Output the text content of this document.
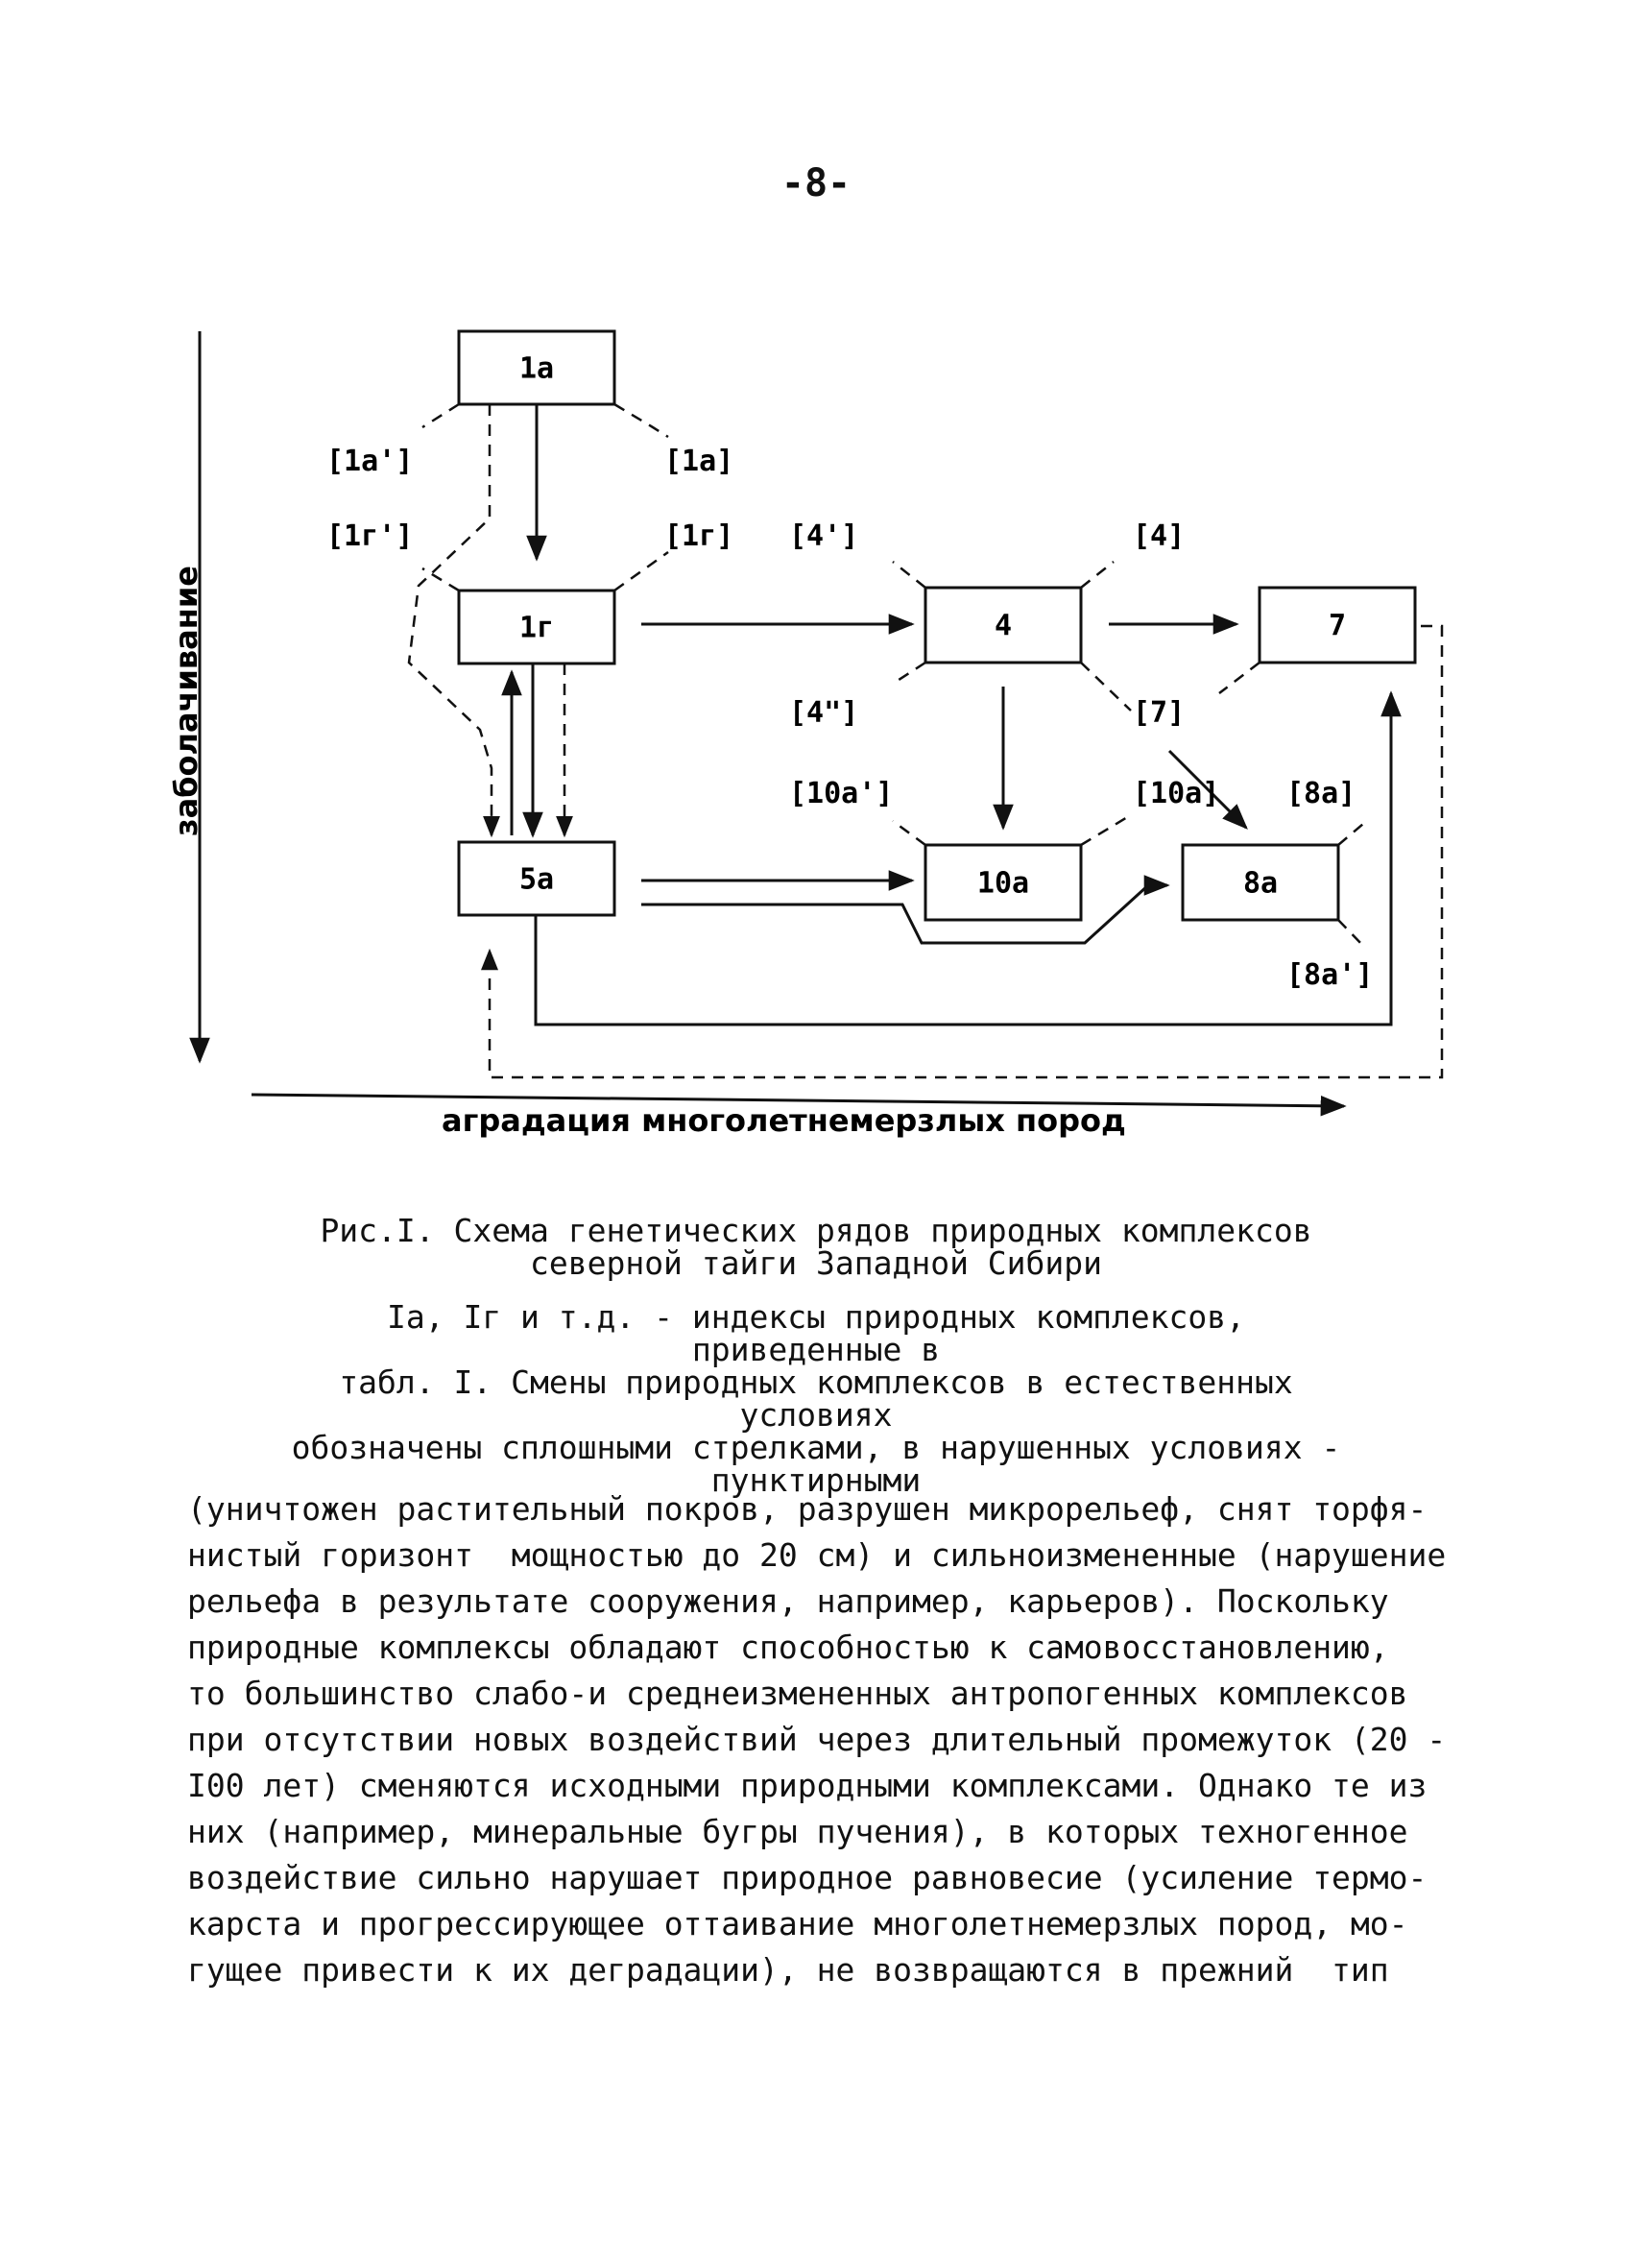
-8-
заболачивание
аградация многолетнемерзлых пород
1a
1г
5a
4	7
10a	8a
[1a']
[1г']
[1a]
[1г] [4']	[4]
[4"]	[7]
[10a']	[10a] [8a]
[8a']
Рис.I. Схема генетических рядов природных комплексов
северной тайги Западной Сибири
Iа, Iг и т.д. - индексы природных комплексов, приведенные в
табл. I. Смены природных комплексов в естественных условиях
обозначены сплошными стрелками, в нарушенных условиях -
пунктирными
(уничтожен растительный покров, разрушен микрорельеф, снят торфя-
нистый горизонт  мощностью до 20 см) и сильноизмененные (нарушение
рельефа в результате сооружения, например, карьеров). Поскольку
природные комплексы обладают способностью к самовосстановлению,
то большинство слабо-и среднеизмененных антропогенных комплексов
при отсутствии новых воздействий через длительный промежуток (20 -
I00 лет) сменяются исходными природными комплексами. Однако те из
них (например, минеральные бугры пучения), в которых техногенное
воздействие сильно нарушает природное равновесие (усиление термо-
карста и прогрессирующее оттаивание многолетнемерзлых пород, мо-
гущее привести к их деградации), не возвращаются в прежний  тип
